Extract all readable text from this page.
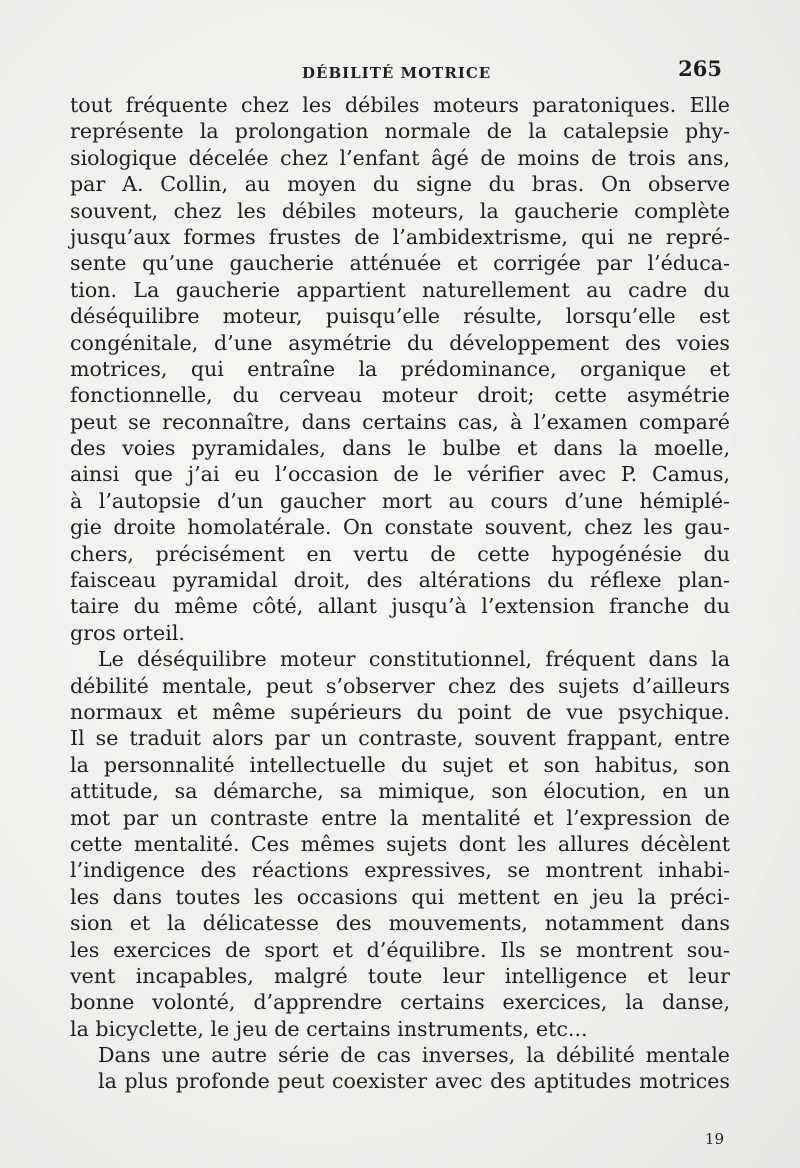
DÉBILITÉ MOTRICE	265
tout fréquente chez les débiles moteurs paratoniques. Elle
représente la prolongation normale de la catalepsie phy-
siologique décelée chez l’enfant âgé de moins de trois ans,
par A. Collin, au moyen du signe du bras. On observe
souvent, chez les débiles moteurs, la gaucherie complète
jusqu’aux formes frustes de l’ambidextrisme, qui ne repré-
sente qu’une gaucherie atténuée et corrigée par l’éduca-
tion. La gaucherie appartient naturellement au cadre du
déséquilibre moteur, puisqu’elle résulte, lorsqu’elle est
congénitale, d’une asymétrie du développement des voies
motrices, qui entraîne la prédominance, organique et
fonctionnelle, du cerveau moteur droit; cette asymétrie
peut se reconnaître, dans certains cas, à l’examen comparé
des voies pyramidales, dans le bulbe et dans la moelle,
ainsi que j’ai eu l’occasion de le vérifier avec P. Camus,
à l’autopsie d’un gaucher mort au cours d’une hémiplé-
gie droite homolatérale. On constate souvent, chez les gau-
chers, précisément en vertu de cette hypogénésie du
faisceau pyramidal droit, des altérations du réflexe plan-
taire du même côté, allant jusqu’à l’extension franche du
gros orteil.
Le déséquilibre moteur constitutionnel, fréquent dans la
débilité mentale, peut s’observer chez des sujets d’ailleurs
normaux et même supérieurs du point de vue psychique.
Il se traduit alors par un contraste, souvent frappant, entre
la personnalité intellectuelle du sujet et son habitus, son
attitude, sa démarche, sa mimique, son élocution, en un
mot par un contraste entre la mentalité et l’expression de
cette mentalité. Ces mêmes sujets dont les allures décèlent
l’indigence des réactions expressives, se montrent inhabi-
les dans toutes les occasions qui mettent en jeu la préci-
sion et la délicatesse des mouvements, notamment dans
les exercices de sport et d’équilibre. Ils se montrent sou-
vent incapables, malgré toute leur intelligence et leur
bonne volonté, d’apprendre certains exercices, la danse,
la bicyclette, le jeu de certains instruments, etc...
Dans une autre série de cas inverses, la débilité mentale
la plus profonde peut coexister avec des aptitudes motrices
19
